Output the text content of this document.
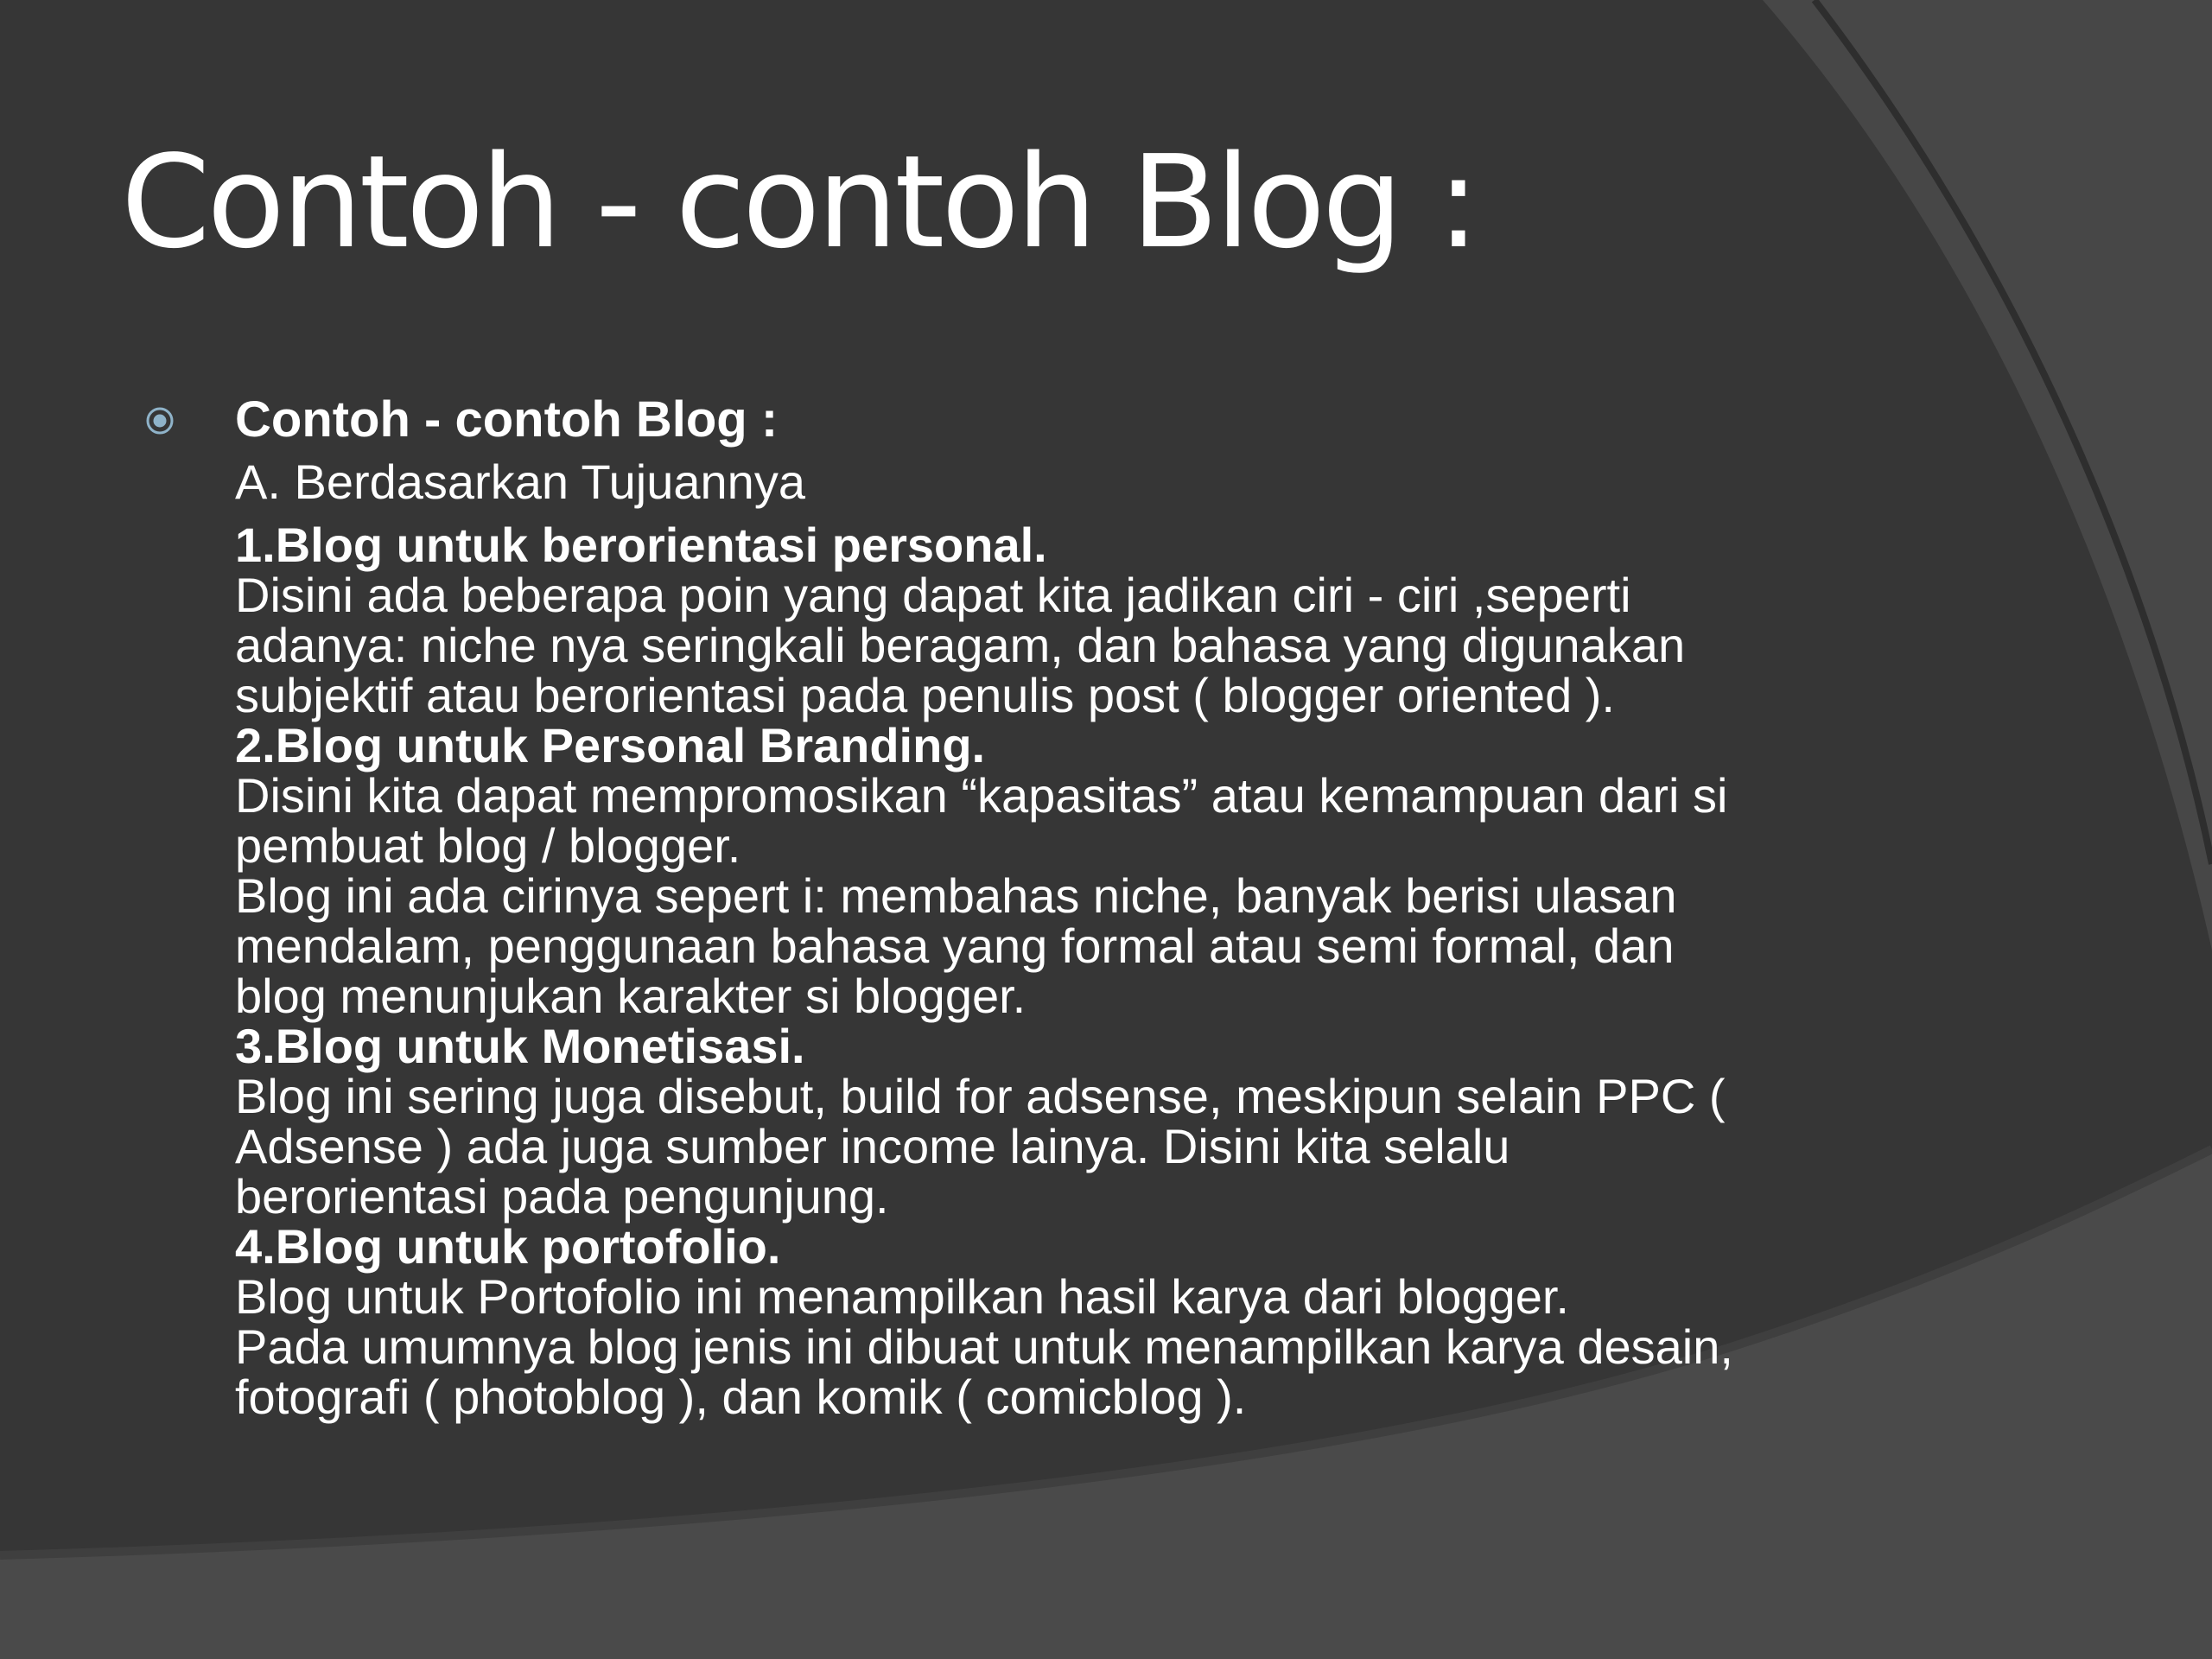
Contoh - contoh Blog :
Contoh - contoh Blog :
A. Berdasarkan Tujuannya
1.Blog untuk berorientasi personal.
Disini ada beberapa poin yang dapat kita jadikan ciri - ciri ,seperti
adanya: niche nya seringkali beragam, dan bahasa yang digunakan
subjektif atau berorientasi pada penulis post ( blogger oriented ).
2.Blog untuk Personal Branding.
Disini kita dapat mempromosikan “kapasitas” atau kemampuan dari si
pembuat blog / blogger.
Blog ini ada cirinya sepert i: membahas niche, banyak berisi ulasan
mendalam, penggunaan bahasa yang formal atau semi formal, dan
blog menunjukan karakter si blogger.
3.Blog untuk Monetisasi.
Blog ini sering juga disebut, build for adsense, meskipun selain PPC (
Adsense ) ada juga sumber income lainya. Disini kita selalu
berorientasi pada pengunjung.
4.Blog untuk portofolio.
Blog untuk Portofolio ini menampilkan hasil karya dari blogger.
Pada umumnya blog jenis ini dibuat untuk menampilkan karya desain,
fotografi ( photoblog ), dan komik ( comicblog ).
